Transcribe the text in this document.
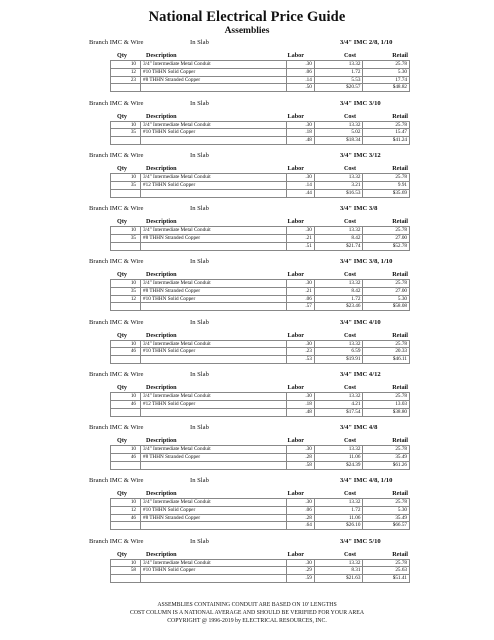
National Electrical Price Guide
Assemblies
Branch IMC & Wire	In Slab	3/4" IMC 2/8, 1/10
Qty	Description	Labor	Cost	Retail
10	3/4" Intermediate Metal Conduit	.30	13.32	25.78
12	#10 THHN Solid Copper	.06	1.72	5.30
23	#8 THHN Stranded Copper	.14	5.53	17.74
		.50	$20.57	$48.82
Branch IMC & Wire	In Slab	3/4" IMC 3/10
Qty	Description	Labor	Cost	Retail
10	3/4" Intermediate Metal Conduit	.30	13.32	25.78
35	#10 THHN Solid Copper	.18	5.02	15.47
		.48	$18.34	$41.24
Branch IMC & Wire	In Slab	3/4" IMC 3/12
Qty	Description	Labor	Cost	Retail
10	3/4" Intermediate Metal Conduit	.30	13.32	25.78
35	#12 THHN Solid Copper	.14	3.21	9.91
		.44	$16.53	$35.69
Branch IMC & Wire	In Slab	3/4" IMC 3/8
Qty	Description	Labor	Cost	Retail
10	3/4" Intermediate Metal Conduit	.30	13.32	25.78
35	#8 THHN Stranded Copper	.21	8.42	27.00
		.51	$21.74	$52.78
Branch IMC & Wire	In Slab	3/4" IMC 3/8, 1/10
Qty	Description	Labor	Cost	Retail
10	3/4" Intermediate Metal Conduit	.30	13.32	25.78
35	#8 THHN Stranded Copper	.21	8.42	27.00
12	#10 THHN Solid Copper	.06	1.72	5.30
		.57	$23.46	$58.08
Branch IMC & Wire	In Slab	3/4" IMC 4/10
Qty	Description	Labor	Cost	Retail
10	3/4" Intermediate Metal Conduit	.30	13.32	25.78
46	#10 THHN Solid Copper	.23	6.59	20.33
		.53	$19.91	$46.11
Branch IMC & Wire	In Slab	3/4" IMC 4/12
Qty	Description	Labor	Cost	Retail
10	3/4" Intermediate Metal Conduit	.30	13.32	25.78
46	#12 THHN Solid Copper	.18	4.21	13.03
		.48	$17.54	$38.80
Branch IMC & Wire	In Slab	3/4" IMC 4/8
Qty	Description	Labor	Cost	Retail
10	3/4" Intermediate Metal Conduit	.30	13.32	25.78
46	#8 THHN Stranded Copper	.28	11.06	35.49
		.58	$24.39	$61.26
Branch IMC & Wire	In Slab	3/4" IMC 4/8, 1/10
Qty	Description	Labor	Cost	Retail
10	3/4" Intermediate Metal Conduit	.30	13.32	25.78
12	#10 THHN Solid Copper	.06	1.72	5.30
46	#8 THHN Stranded Copper	.28	11.06	35.49
		.64	$26.10	$66.57
Branch IMC & Wire	In Slab	3/4" IMC 5/10
Qty	Description	Labor	Cost	Retail
10	3/4" Intermediate Metal Conduit	.30	13.32	25.78
58	#10 THHN Solid Copper	.29	8.31	25.63
		.59	$21.63	$51.41
ASSEMBLIES CONTAINING CONDUIT ARE BASED ON 10' LENGTHS
COST COLUMN IS A NATIONAL AVERAGE AND SHOULD BE VERIFIED FOR YOUR AREA
COPYRIGHT @ 1996-2019 by ELECTRICAL RESOURCES, INC.
